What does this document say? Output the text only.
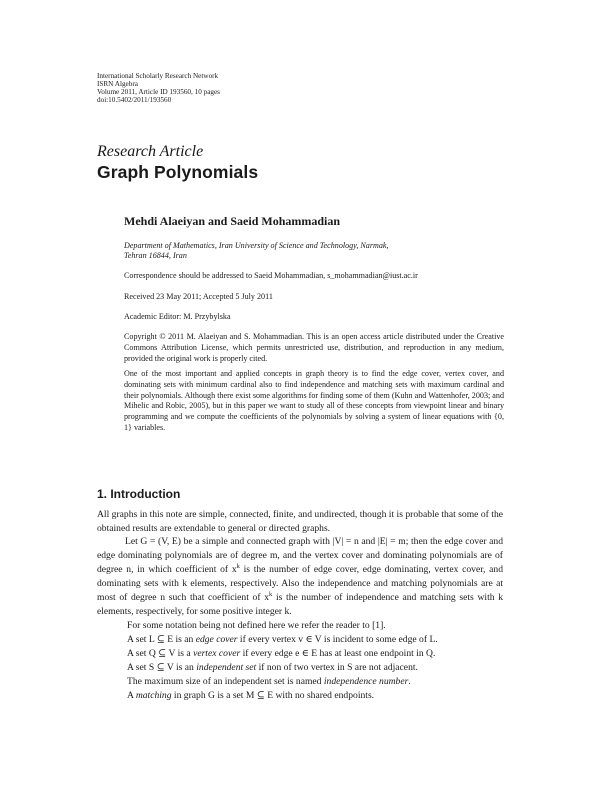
International Scholarly Research Network
ISRN Algebra
Volume 2011, Article ID 193560, 10 pages
doi:10.5402/2011/193560
Research Article
Graph Polynomials
Mehdi Alaeiyan and Saeid Mohammadian
Department of Mathematics, Iran University of Science and Technology, Narmak,
Tehran 16844, Iran
Correspondence should be addressed to Saeid Mohammadian, s_mohammadian@iust.ac.ir
Received 23 May 2011; Accepted 5 July 2011
Academic Editor: M. Przybylska
Copyright © 2011 M. Alaeiyan and S. Mohammadian. This is an open access article distributed under the Creative Commons Attribution License, which permits unrestricted use, distribution, and reproduction in any medium, provided the original work is properly cited.
One of the most important and applied concepts in graph theory is to find the edge cover, vertex cover, and dominating sets with minimum cardinal also to find independence and matching sets with maximum cardinal and their polynomials. Although there exist some algorithms for finding some of them (Kuhn and Wattenhofer, 2003; and Mihelic and Robic, 2005), but in this paper we want to study all of these concepts from viewpoint linear and binary programming and we compute the coefficients of the polynomials by solving a system of linear equations with {0, 1} variables.
1. Introduction
All graphs in this note are simple, connected, finite, and undirected, though it is probable that some of the obtained results are extendable to general or directed graphs.
Let G = (V, E) be a simple and connected graph with |V| = n and |E| = m; then the edge cover and edge dominating polynomials are of degree m, and the vertex cover and dominating polynomials are of degree n, in which coefficient of $x^k$ is the number of edge cover, edge dominating, vertex cover, and dominating sets with k elements, respectively. Also the independence and matching polynomials are at most of degree n such that coefficient of $x^k$ is the number of independence and matching sets with k elements, respectively, for some positive integer k.
For some notation being not defined here we refer the reader to [1].
A set L ⊆ E is an edge cover if every vertex v ∈ V is incident to some edge of L.
A set Q ⊆ V is a vertex cover if every edge e ∈ E has at least one endpoint in Q.
A set S ⊆ V is an independent set if non of two vertex in S are not adjacent.
The maximum size of an independent set is named independence number.
A matching in graph G is a set M ⊆ E with no shared endpoints.
